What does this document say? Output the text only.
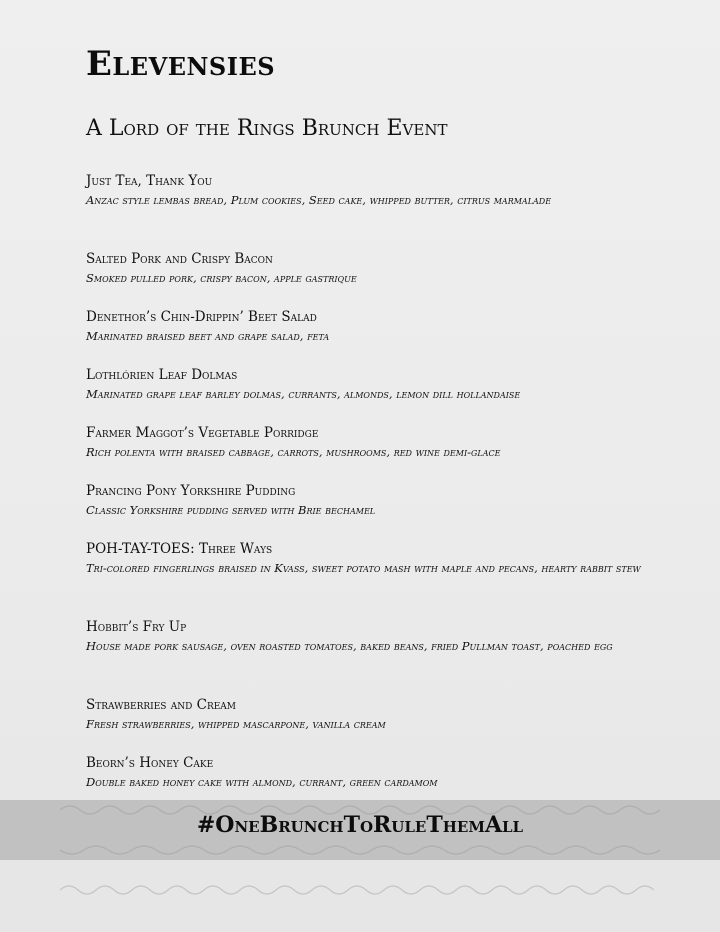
Elevensies
A Lord of the Rings Brunch Event
Just Tea, Thank You
Anzac style lembas bread, Plum cookies, Seed cake, whipped butter, citrus marmalade
Salted Pork and Crispy Bacon
Smoked pulled pork, crispy bacon, apple gastrique
Denethor’s Chin-Drippin’ Beet Salad
Marinated braised beet and grape salad, feta
Lothlórien Leaf Dolmas
Marinated grape leaf barley dolmas, currants, almonds, lemon dill hollandaise
Farmer Maggot’s Vegetable Porridge
Rich polenta with braised cabbage, carrots, mushrooms, red wine demi-glace
Prancing Pony Yorkshire Pudding
Classic Yorkshire pudding served with Brie bechamel
POH-TAY-TOES: Three Ways
Tri-colored fingerlings braised in Kvass, sweet potato mash with maple and pecans, hearty rabbit stew
Hobbit’s Fry Up
House made pork sausage, oven roasted tomatoes, baked beans, fried Pullman toast, poached egg
Strawberries and Cream
Fresh strawberries, whipped mascarpone, vanilla cream
Beorn’s Honey Cake
Double baked honey cake with almond, currant, green cardamom
#OneBrunchToRuleThemAll
